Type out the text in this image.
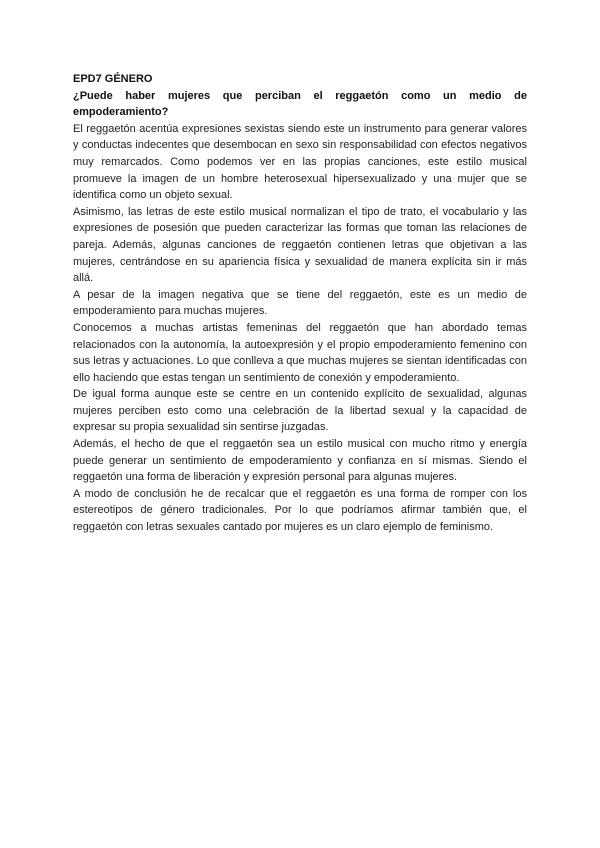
EPD7 GÉNERO

¿Puede haber mujeres que perciban el reggaetón como un medio de empoderamiento?

El reggaetón acentúa expresiones sexistas siendo este un instrumento para generar valores y conductas indecentes que desembocan en sexo sin responsabilidad con efectos negativos muy remarcados. Como podemos ver en las propias canciones, este estilo musical promueve la imagen de un hombre heterosexual hipersexualizado y una mujer que se identifica como un objeto sexual.

Asimismo, las letras de este estilo musical normalizan el tipo de trato, el vocabulario y las expresiones de posesión que pueden caracterizar las formas que toman las relaciones de pareja. Además, algunas canciones de reggaetón contienen letras que objetivan a las mujeres, centrándose en su apariencia física y sexualidad de manera explícita sin ir más allá.

A pesar de la imagen negativa que se tiene del reggaetón, este es un medio de empoderamiento para muchas mujeres.

Conocemos a muchas artistas femeninas del reggaetón que han abordado temas relacionados con la autonomía, la autoexpresión y el propio empoderamiento femenino con sus letras y actuaciones. Lo que conlleva a que muchas mujeres se sientan identificadas con ello haciendo que estas tengan un sentimiento de conexión y empoderamiento.

De igual forma aunque este se centre en un contenido explícito de sexualidad, algunas mujeres perciben esto como una celebración de la libertad sexual y la capacidad de expresar su propia sexualidad sin sentirse juzgadas.

Además, el hecho de que el reggaetón sea un estilo musical con mucho ritmo y energía puede generar un sentimiento de empoderamiento y confianza en sí mismas. Siendo el reggaetón una forma de liberación y expresión personal para algunas mujeres.

A modo de conclusión he de recalcar que el reggaetón es una forma de romper con los estereotipos de género tradicionales. Por lo que podríamos afirmar también que, el reggaetón con letras sexuales cantado por mujeres es un claro ejemplo de feminismo.
